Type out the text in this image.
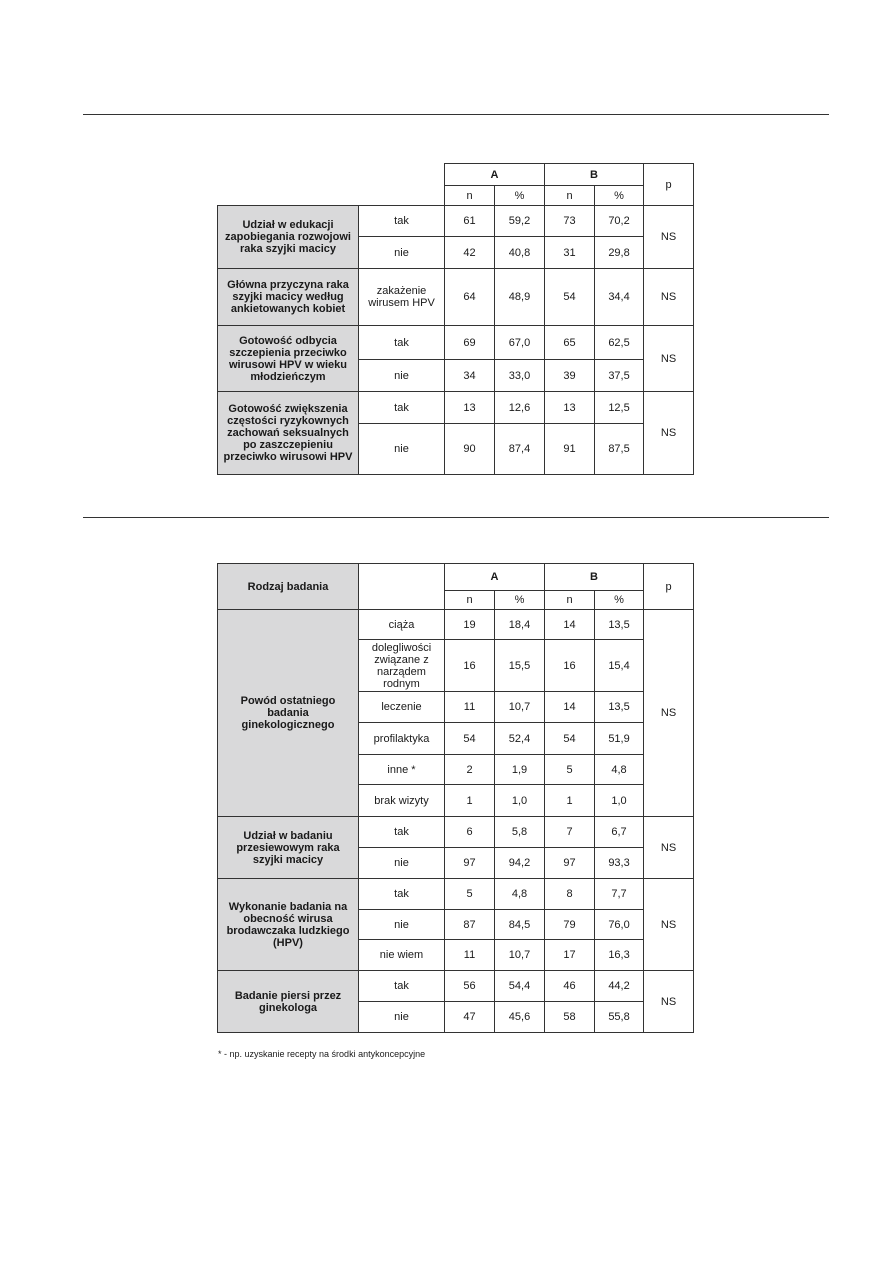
		A		B		p
		n	%	n	%	
Udział w edukacji zapobiegania rozwojowi raka szyjki macicy	tak	61	59,2	73	70,2	NS
	nie	42	40,8	31	29,8	
Główna przyczyna raka szyjki macicy według ankietowanych kobiet	zakażenie wirusem HPV	64	48,9	54	34,4	NS
Gotowość odbycia szczepienia przeciwko wirusowi HPV w wieku młodzieńczym	tak	69	67,0	65	62,5	NS
	nie	34	33,0	39	37,5	
Gotowość zwiększenia częstości ryzykownych zachowań seksualnych po zaszczepieniu przeciwko wirusowi HPV	tak	13	12,6	13	12,5	NS
	nie	90	87,4	91	87,5	
Rodzaj badania		A		B		p
		n	%	n	%	
Powód ostatniego badania ginekologicznego	ciąża	19	18,4	14	13,5	NS
	dolegliwości związane z narządem rodnym	16	15,5	16	15,4	
	leczenie	11	10,7	14	13,5	
	profilaktyka	54	52,4	54	51,9	
	inne *	2	1,9	5	4,8	
	brak wizyty	1	1,0	1	1,0	
Udział w badaniu przesiewowym raka szyjki macicy	tak	6	5,8	7	6,7	NS
	nie	97	94,2	97	93,3	
Wykonanie badania na obecność wirusa brodawczaka ludzkiego (HPV)	tak	5	4,8	8	7,7	NS
	nie	87	84,5	79	76,0	
	nie wiem	11	10,7	17	16,3	
Badanie piersi przez ginekologa	tak	56	54,4	46	44,2	NS
	nie	47	45,6	58	55,8	
* - np. uzyskanie recepty na środki antykoncepcyjne
